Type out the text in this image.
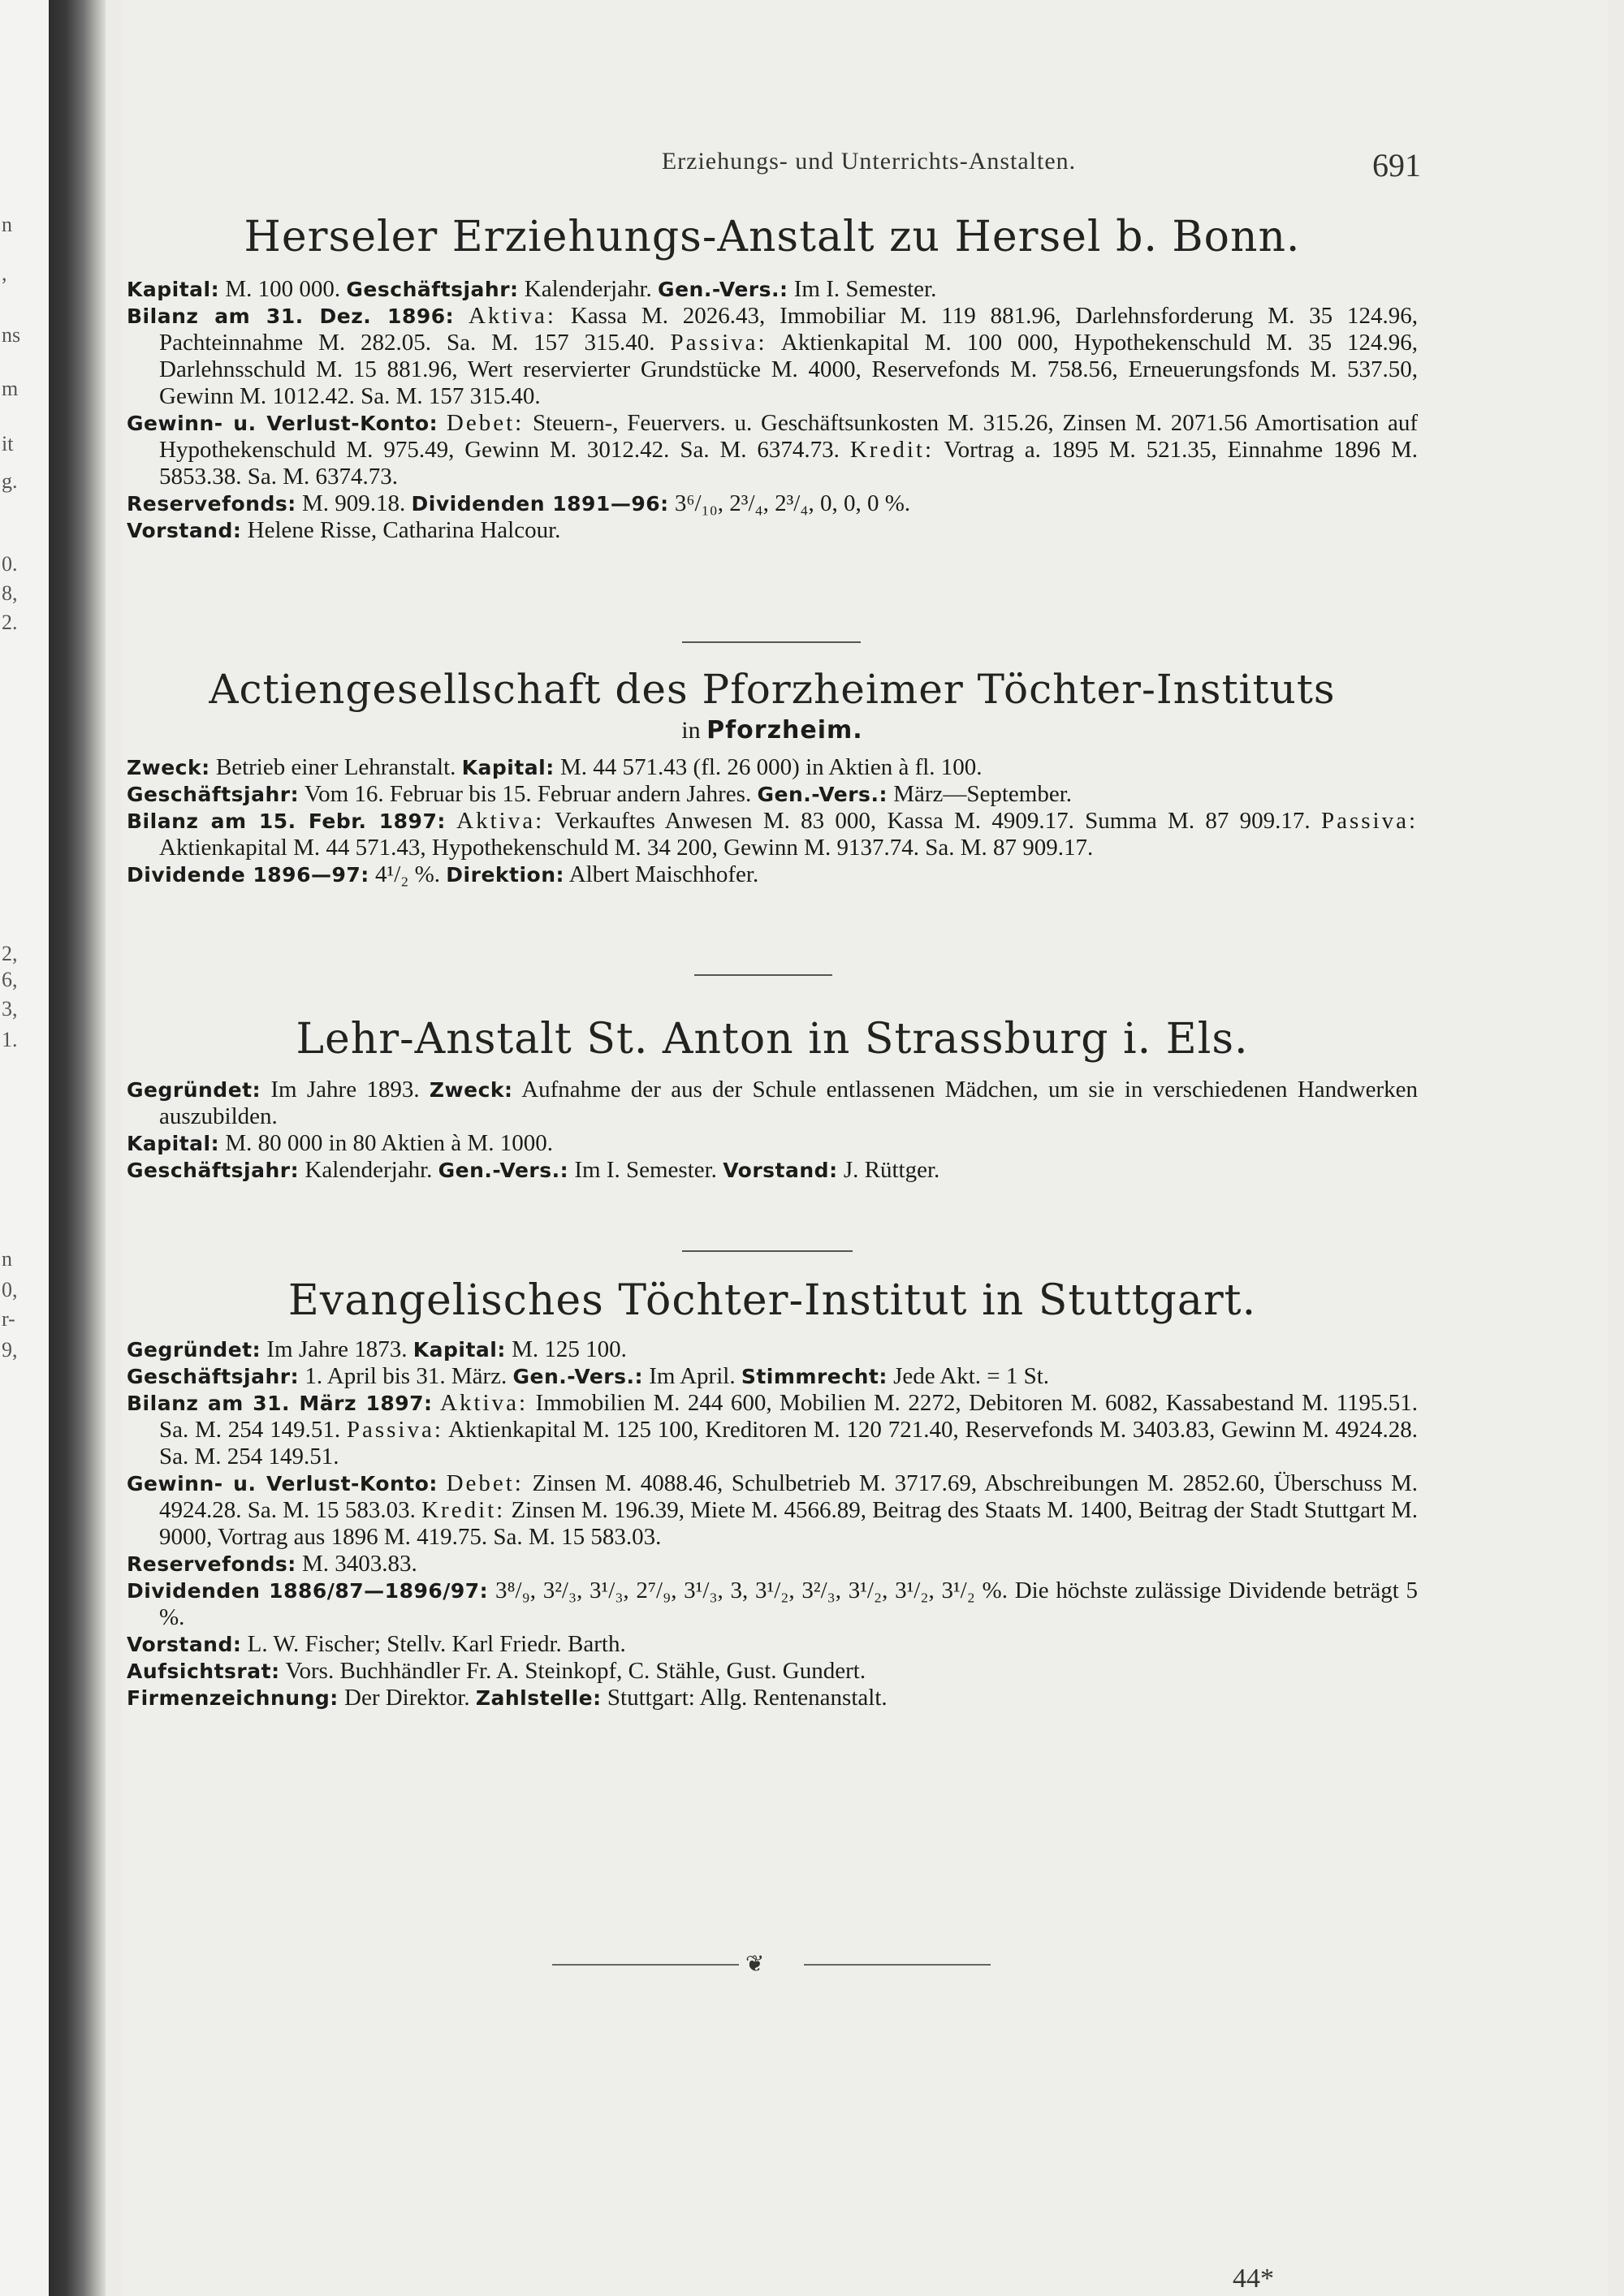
n
,
ns
m
it
g.
0.
8,
2.
2,
6,
3,
1.
n
0,
r-
9,
Erziehungs- und Unterrichts-Anstalten.	691
Herseler Erziehungs-Anstalt zu Hersel b. Bonn.

Kapital: M. 100 000. Geschäftsjahr: Kalenderjahr. Gen.-Vers.: Im I. Semester.

Bilanz am 31. Dez. 1896: Aktiva: Kassa M. 2026.43, Immobiliar M. 119 881.96, Darlehnsforderung M. 35 124.96, Pachteinnahme M. 282.05. Sa. M. 157 315.40. Passiva: Aktienkapital M. 100 000, Hypothekenschuld M. 35 124.96, Darlehnsschuld M. 15 881.96, Wert reservierter Grundstücke M. 4000, Reservefonds M. 758.56, Erneuerungsfonds M. 537.50, Gewinn M. 1012.42. Sa. M. 157 315.40.

Gewinn- u. Verlust-Konto: Debet: Steuern-, Feuervers. u. Geschäftsunkosten M. 315.26, Zinsen M. 2071.56 Amortisation auf Hypothekenschuld M. 975.49, Gewinn M. 3012.42. Sa. M. 6374.73. Kredit: Vortrag a. 1895 M. 521.35, Einnahme 1896 M. 5853.38. Sa. M. 6374.73.

Reservefonds: M. 909.18. Dividenden 1891—96: 3⁶/₁₀, 2³/₄, 2³/₄, 0, 0, 0 %.

Vorstand: Helene Risse, Catharina Halcour.

Actiengesellschaft des Pforzheimer Töchter-Instituts
in Pforzheim.

Zweck: Betrieb einer Lehranstalt. Kapital: M. 44 571.43 (fl. 26 000) in Aktien à fl. 100.

Geschäftsjahr: Vom 16. Februar bis 15. Februar andern Jahres. Gen.-Vers.: März—September.

Bilanz am 15. Febr. 1897: Aktiva: Verkauftes Anwesen M. 83 000, Kassa M. 4909.17. Summa M. 87 909.17. Passiva: Aktienkapital M. 44 571.43, Hypothekenschuld M. 34 200, Gewinn M. 9137.74. Sa. M. 87 909.17.

Dividende 1896—97: 4¹/₂ %. Direktion: Albert Maischhofer.

Lehr-Anstalt St. Anton in Strassburg i. Els.

Gegründet: Im Jahre 1893. Zweck: Aufnahme der aus der Schule entlassenen Mädchen, um sie in verschiedenen Handwerken auszubilden.

Kapital: M. 80 000 in 80 Aktien à M. 1000.

Geschäftsjahr: Kalenderjahr. Gen.-Vers.: Im I. Semester. Vorstand: J. Rüttger.

Evangelisches Töchter-Institut in Stuttgart.

Gegründet: Im Jahre 1873. Kapital: M. 125 100.

Geschäftsjahr: 1. April bis 31. März. Gen.-Vers.: Im April. Stimmrecht: Jede Akt. = 1 St.

Bilanz am 31. März 1897: Aktiva: Immobilien M. 244 600, Mobilien M. 2272, Debitoren M. 6082, Kassabestand M. 1195.51. Sa. M. 254 149.51. Passiva: Aktienkapital M. 125 100, Kreditoren M. 120 721.40, Reservefonds M. 3403.83, Gewinn M. 4924.28. Sa. M. 254 149.51.

Gewinn- u. Verlust-Konto: Debet: Zinsen M. 4088.46, Schulbetrieb M. 3717.69, Abschreibungen M. 2852.60, Überschuss M. 4924.28. Sa. M. 15 583.03. Kredit: Zinsen M. 196.39, Miete M. 4566.89, Beitrag des Staats M. 1400, Beitrag der Stadt Stuttgart M. 9000, Vortrag aus 1896 M. 419.75. Sa. M. 15 583.03.

Reservefonds: M. 3403.83.

Dividenden 1886/87—1896/97: 3⁸/₉, 3²/₃, 3¹/₃, 2⁷/₉, 3¹/₃, 3, 3¹/₂, 3²/₃, 3¹/₂, 3¹/₂, 3¹/₂ %. Die höchste zulässige Dividende beträgt 5 %.

Vorstand: L. W. Fischer; Stellv. Karl Friedr. Barth.

Aufsichtsrat: Vors. Buchhändler Fr. A. Steinkopf, C. Stähle, Gust. Gundert.

Firmenzeichnung: Der Direktor. Zahlstelle: Stuttgart: Allg. Rentenanstalt.

❦
44*
